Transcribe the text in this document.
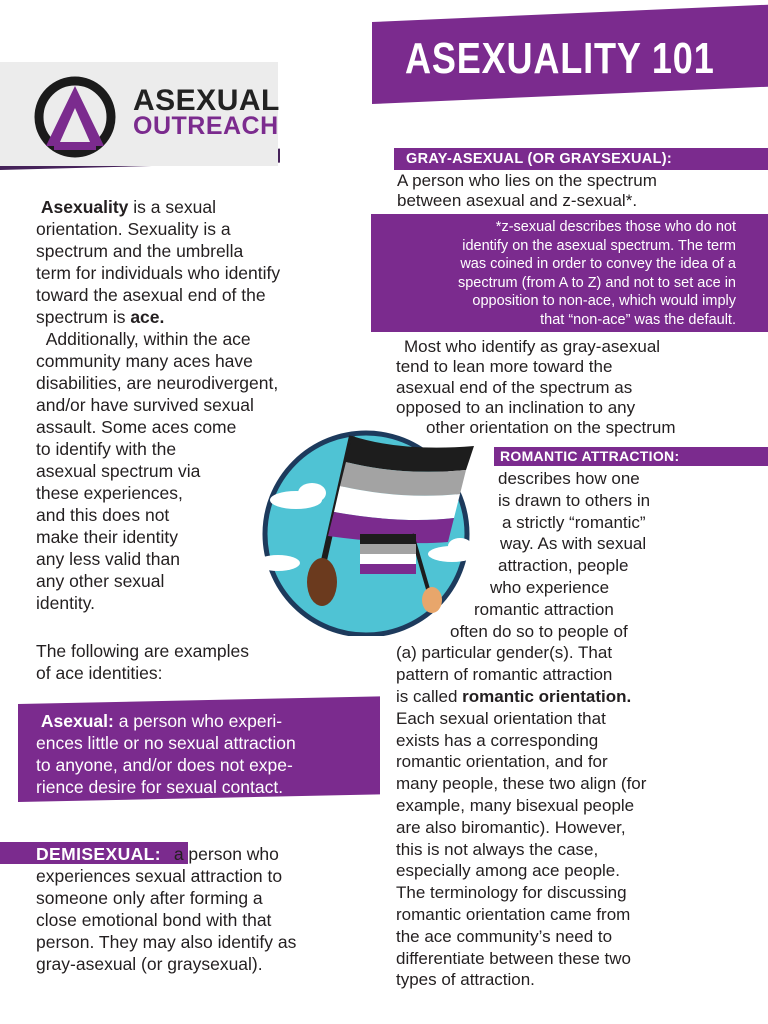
ASEXUALITY 101
ASEXUAL
OUTREACH

Asexuality is a sexual

orientation. Sexuality is a

spectrum and the umbrella

term for individuals who identify

toward the asexual end of the

spectrum is ace.

Additionally, within the ace

community many aces have

disabilities, are neurodivergent,

and/or have survived sexual

assault. Some aces come

to identify with the

asexual spectrum via

these experiences,

and this does not

make their identity

any less valid than

any other sexual

identity.

The following are examples

of ace identities:

Asexual: a person who experi-

ences little or no sexual attraction

to anyone, and/or does not expe-

rience desire for sexual contact.

DEMISEXUAL: a person who

experiences sexual attraction to

someone only after forming a

close emotional bond with that

person. They may also identify as

gray-asexual (or graysexual).

GRAY-ASEXUAL (OR GRAYSEXUAL):

A person who lies on the spectrum

between asexual and z-sexual*.

*z-sexual describes those who do not
identify on the asexual spectrum. The term
was coined in order to convey the idea of a
spectrum (from A to Z) and not to set ace in
opposition to non-ace, which would imply
that “non-ace” was the default.

Most who identify as gray-asexual

tend to lean more toward the

asexual end of the spectrum as

opposed to an inclination to any

other orientation on the spectrum

ROMANTIC ATTRACTION:

describes how one

is drawn to others in

a strictly “romantic”

way. As with sexual

attraction, people

who experience

romantic attraction

often do so to people of

(a) particular gender(s). That

pattern of romantic attraction

is called romantic orientation.

Each sexual orientation that

exists has a corresponding

romantic orientation, and for

many people, these two align (for

example, many bisexual people

are also biromantic). However,

this is not always the case,

especially among ace people.

The terminology for discussing

romantic orientation came from

the ace community’s need to

differentiate between these two

types of attraction.
